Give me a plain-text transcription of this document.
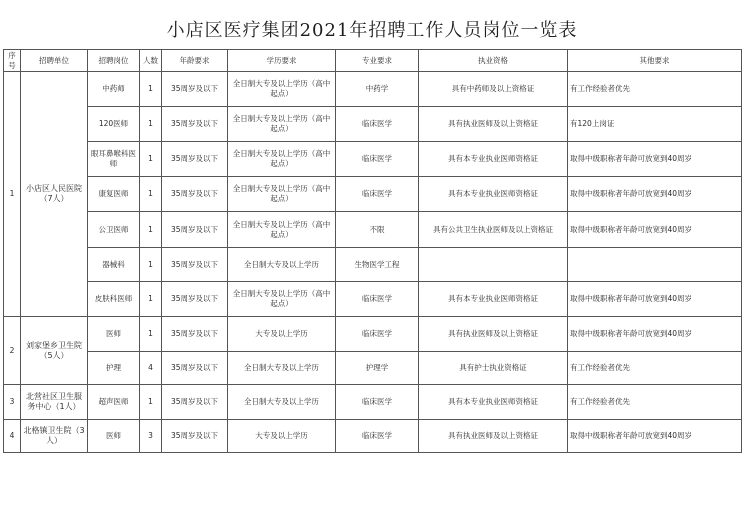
小店区医疗集团2021年招聘工作人员岗位一览表
序号	招聘单位	招聘岗位	人数	年龄要求	学历要求	专业要求	执业资格	其他要求
1	小店区人民医院（7人）	中药师	1	35周岁及以下	全日制大专及以上学历（高中起点）	中药学	具有中药师及以上资格证	有工作经验者优先
		120医师	1	35周岁及以下	全日制大专及以上学历（高中起点）	临床医学	具有执业医师及以上资格证	有120上岗证
		眼耳鼻喉科医师	1	35周岁及以下	全日制大专及以上学历（高中起点）	临床医学	具有本专业执业医师资格证	取得中级职称者年龄可放宽到40周岁
		康复医师	1	35周岁及以下	全日制大专及以上学历（高中起点）	临床医学	具有本专业执业医师资格证	取得中级职称者年龄可放宽到40周岁
		公卫医师	1	35周岁及以下	全日制大专及以上学历（高中起点）	不限	具有公共卫生执业医师及以上资格证	取得中级职称者年龄可放宽到40周岁
		器械科	1	35周岁及以下	全日制大专及以上学历	生物医学工程		
		皮肤科医师	1	35周岁及以下	全日制大专及以上学历（高中起点）	临床医学	具有本专业执业医师资格证	取得中级职称者年龄可放宽到40周岁
2	刘家堡乡卫生院（5人）	医师	1	35周岁及以下	大专及以上学历	临床医学	具有执业医师及以上资格证	取得中级职称者年龄可放宽到40周岁
		护理	4	35周岁及以下	全日制大专及以上学历	护理学	具有护士执业资格证	有工作经验者优先
3	北营社区卫生服务中心（1人）	超声医师	1	35周岁及以下	全日制大专及以上学历	临床医学	具有本专业执业医师资格证	有工作经验者优先
4	北格镇卫生院（3人）	医师	3	35周岁及以下	大专及以上学历	临床医学	具有执业医师及以上资格证	取得中级职称者年龄可放宽到40周岁
